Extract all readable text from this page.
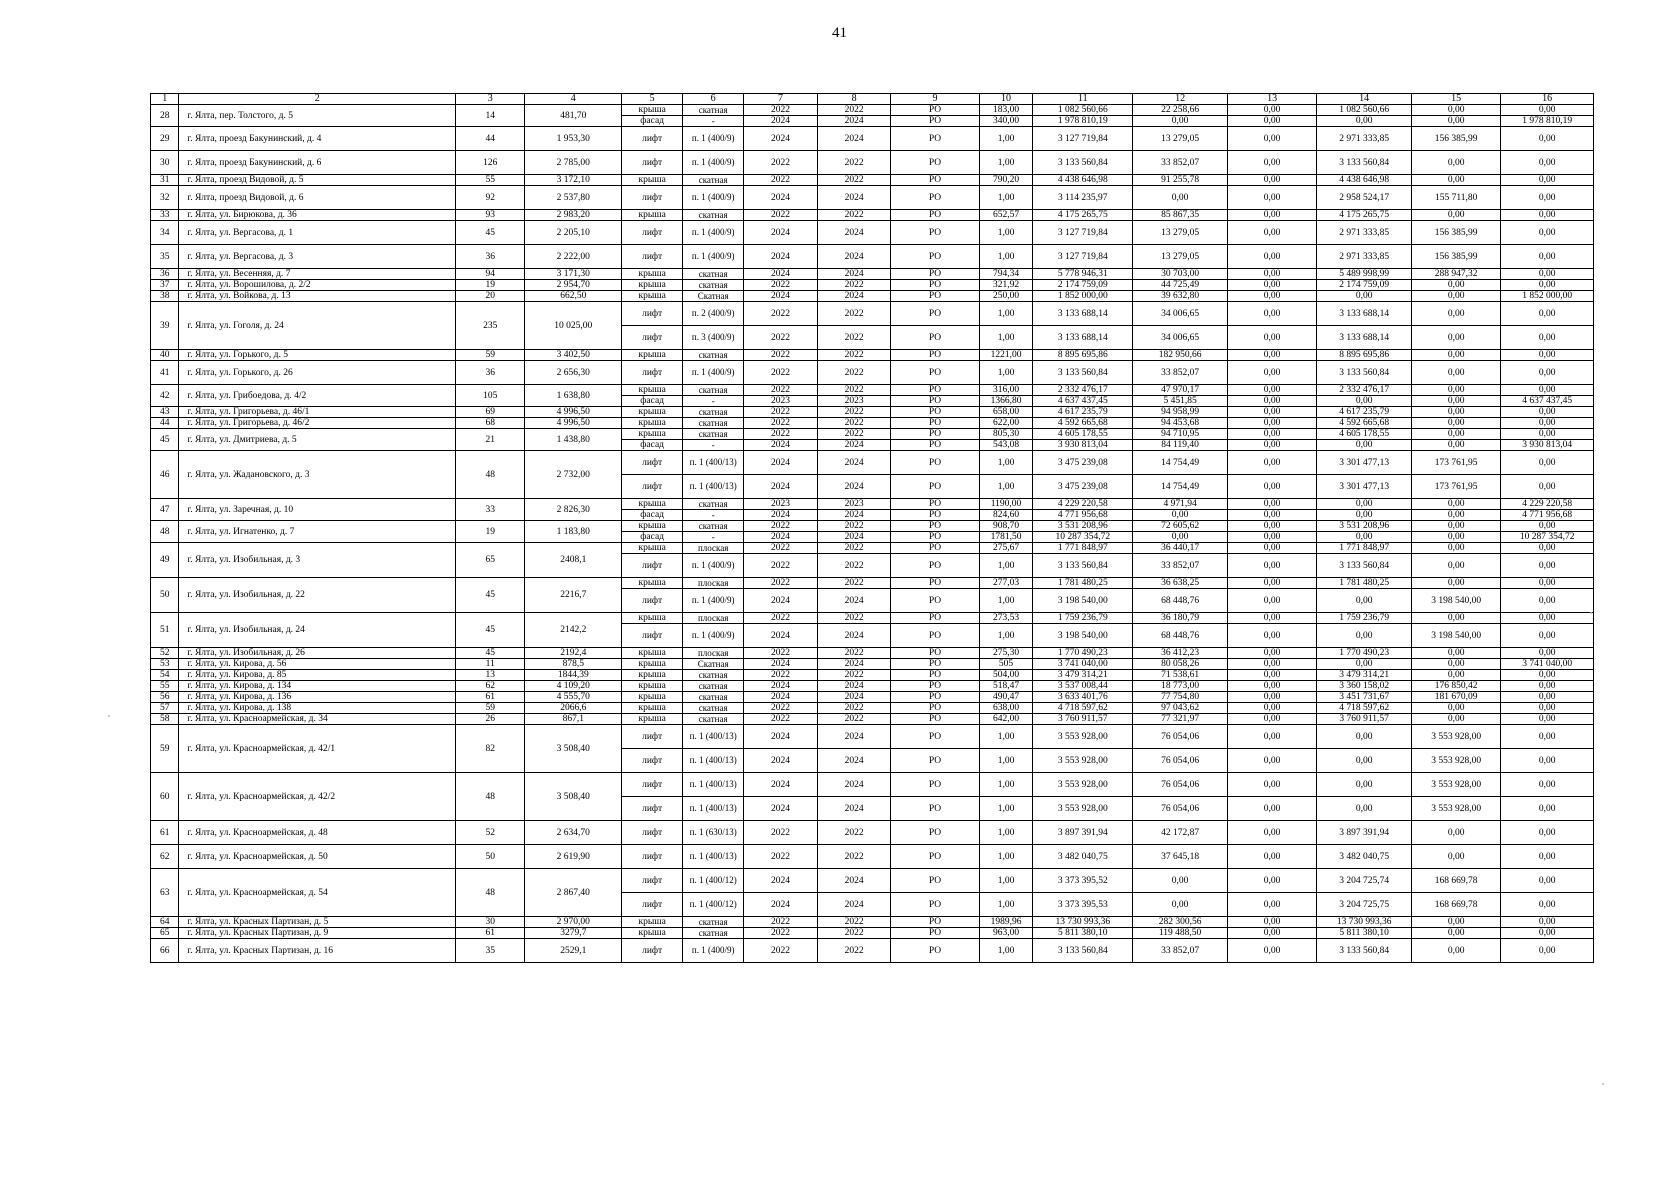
41
1	2	3	4	5	6	7	8	9	10	11	12	13	14	15	16
28	г. Ялта, пер. Толстого, д. 5	14	481,70	крыша	скатная	2022	2022	РО	183,00	1 082 560,66	22 258,66	0,00	1 082 560,66	0,00	0,00
				фасад	-	2024	2024	РО	340,00	1 978 810,19	0,00	0,00	0,00	0,00	1 978 810,19
29	г. Ялта, проезд Бакунинский, д. 4	44	1 953,30	лифт	п. 1 (400/9)	2024	2024	РО	1,00	3 127 719,84	13 279,05	0,00	2 971 333,85	156 385,99	0,00
30	г. Ялта, проезд Бакунинский, д. 6	126	2 785,00	лифт	п. 1 (400/9)	2022	2022	РО	1,00	3 133 560,84	33 852,07	0,00	3 133 560,84	0,00	0,00
31	г. Ялта, проезд Видовой, д. 5	55	3 172,10	крыша	скатная	2022	2022	РО	790,20	4 438 646,98	91 255,78	0,00	4 438 646,98	0,00	0,00
32	г. Ялта, проезд Видовой, д. 6	92	2 537,80	лифт	п. 1 (400/9)	2024	2024	РО	1,00	3 114 235,97	0,00	0,00	2 958 524,17	155 711,80	0,00
33	г. Ялта, ул. Бирюкова, д. 36	93	2 983,20	крыша	скатная	2022	2022	РО	652,57	4 175 265,75	85 867,35	0,00	4 175 265,75	0,00	0,00
34	г. Ялта, ул. Вергасова, д. 1	45	2 205,10	лифт	п. 1 (400/9)	2024	2024	РО	1,00	3 127 719,84	13 279,05	0,00	2 971 333,85	156 385,99	0,00
35	г. Ялта, ул. Вергасова, д. 3	36	2 222,00	лифт	п. 1 (400/9)	2024	2024	РО	1,00	3 127 719,84	13 279,05	0,00	2 971 333,85	156 385,99	0,00
36	г. Ялта, ул. Весенняя, д. 7	94	3 171,30	крыша	скатная	2024	2024	РО	794,34	5 778 946,31	30 703,00	0,00	5 489 998,99	288 947,32	0,00
37	г. Ялта, ул. Ворошилова, д. 2/2	19	2 954,70	крыша	скатная	2022	2022	РО	321,92	2 174 759,09	44 725,49	0,00	2 174 759,09	0,00	0,00
38	г. Ялта, ул. Войкова, д. 13	20	662,50	крыша	Скатная	2024	2024	РО	250,00	1 852 000,00	39 632,80	0,00	0,00	0,00	1 852 000,00
39	г. Ялта, ул. Гоголя, д. 24	235	10 025,00	лифт	п. 2 (400/9)	2022	2022	РО	1,00	3 133 688,14	34 006,65	0,00	3 133 688,14	0,00	0,00
				лифт	п. 3 (400/9)	2022	2022	РО	1,00	3 133 688,14	34 006,65	0,00	3 133 688,14	0,00	0,00
40	г. Ялта, ул. Горького, д. 5	59	3 402,50	крыша	скатная	2022	2022	РО	1221,00	8 895 695,86	182 950,66	0,00	8 895 695,86	0,00	0,00
41	г. Ялта, ул. Горького, д. 26	36	2 656,30	лифт	п. 1 (400/9)	2022	2022	РО	1,00	3 133 560,84	33 852,07	0,00	3 133 560,84	0,00	0,00
42	г. Ялта, ул. Грибоедова, д. 4/2	105	1 638,80	крыша	скатная	2022	2022	РО	316,00	2 332 476,17	47 970,17	0,00	2 332 476,17	0,00	0,00
				фасад	-	2023	2023	РО	1366,80	4 637 437,45	5 451,85	0,00	0,00	0,00	4 637 437,45
43	г. Ялта, ул. Григорьева, д. 46/1	69	4 996,50	крыша	скатная	2022	2022	РО	658,00	4 617 235,79	94 958,99	0,00	4 617 235,79	0,00	0,00
44	г. Ялта, ул. Григорьева, д. 46/2	68	4 996,50	крыша	скатная	2022	2022	РО	622,00	4 592 665,68	94 453,68	0,00	4 592 665,68	0,00	0,00
45	г. Ялта, ул. Дмитриева, д. 5	21	1 438,80	крыша	скатная	2022	2022	РО	805,30	4 605 178,55	94 710,95	0,00	4 605 178,55	0,00	0,00
				фасад	-	2024	2024	РО	543,08	3 930 813,04	84 119,40	0,00	0,00	0,00	3 930 813,04
46	г. Ялта, ул. Жадановского, д. 3	48	2 732,00	лифт	п. 1 (400/13)	2024	2024	РО	1,00	3 475 239,08	14 754,49	0,00	3 301 477,13	173 761,95	0,00
				лифт	п. 1 (400/13)	2024	2024	РО	1,00	3 475 239,08	14 754,49	0,00	3 301 477,13	173 761,95	0,00
47	г. Ялта, ул. Заречная, д. 10	33	2 826,30	крыша	скатная	2023	2023	РО	1190,00	4 229 220,58	4 971,94	0,00	0,00	0,00	4 229 220,58
				фасад	-	2024	2024	РО	824,60	4 771 956,68	0,00	0,00	0,00	0,00	4 771 956,68
48	г. Ялта, ул. Игнатенко, д. 7	19	1 183,80	крыша	скатная	2022	2022	РО	908,70	3 531 208,96	72 605,62	0,00	3 531 208,96	0,00	0,00
				фасад	-	2024	2024	РО	1781,50	10 287 354,72	0,00	0,00	0,00	0,00	10 287 354,72
49	г. Ялта, ул. Изобильная, д. 3	65	2408,1	крыша	плоская	2022	2022	РО	275,67	1 771 848,97	36 440,17	0,00	1 771 848,97	0,00	0,00
				лифт	п. 1 (400/9)	2022	2022	РО	1,00	3 133 560,84	33 852,07	0,00	3 133 560,84	0,00	0,00
50	г. Ялта, ул. Изобильная, д. 22	45	2216,7	крыша	плоская	2022	2022	РО	277,03	1 781 480,25	36 638,25	0,00	1 781 480,25	0,00	0,00
				лифт	п. 1 (400/9)	2024	2024	РО	1,00	3 198 540,00	68 448,76	0,00	0,00	3 198 540,00	0,00
51	г. Ялта, ул. Изобильная, д. 24	45	2142,2	крыша	плоская	2022	2022	РО	273,53	1 759 236,79	36 180,79	0,00	1 759 236,79	0,00	0,00
				лифт	п. 1 (400/9)	2024	2024	РО	1,00	3 198 540,00	68 448,76	0,00	0,00	3 198 540,00	0,00
52	г. Ялта, ул. Изобильная, д. 26	45	2192,4	крыша	плоская	2022	2022	РО	275,30	1 770 490,23	36 412,23	0,00	1 770 490,23	0,00	0,00
53	г. Ялта, ул. Кирова, д. 56	11	878,5	крыша	Скатная	2024	2024	РО	505	3 741 040,00	80 058,26	0,00	0,00	0,00	3 741 040,00
54	г. Ялта, ул. Кирова, д. 85	13	1844,39	крыша	скатная	2022	2022	РО	504,00	3 479 314,21	71 538,61	0,00	3 479 314,21	0,00	0,00
55	г. Ялта, ул. Кирова, д. 134	62	4 109,20	крыша	скатная	2024	2024	РО	518,47	3 537 008,44	18 773,00	0,00	3 360 158,02	176 850,42	0,00
56	г. Ялта, ул. Кирова, д. 136	61	4 555,70	крыша	скатная	2024	2024	РО	490,47	3 633 401,76	77 754,80	0,00	3 451 731,67	181 670,09	0,00
57	г. Ялта, ул. Кирова, д. 138	59	2066,6	крыша	скатная	2022	2022	РО	638,00	4 718 597,62	97 043,62	0,00	4 718 597,62	0,00	0,00
58	г. Ялта, ул. Красноармейская, д. 34	26	867,1	крыша	скатная	2022	2022	РО	642,00	3 760 911,57	77 321,97	0,00	3 760 911,57	0,00	0,00
59	г. Ялта, ул. Красноармейская, д. 42/1	82	3 508,40	лифт	п. 1 (400/13)	2024	2024	РО	1,00	3 553 928,00	76 054,06	0,00	0,00	3 553 928,00	0,00
				лифт	п. 1 (400/13)	2024	2024	РО	1,00	3 553 928,00	76 054,06	0,00	0,00	3 553 928,00	0,00
60	г. Ялта, ул. Красноармейская, д. 42/2	48	3 508,40	лифт	п. 1 (400/13)	2024	2024	РО	1,00	3 553 928,00	76 054,06	0,00	0,00	3 553 928,00	0,00
				лифт	п. 1 (400/13)	2024	2024	РО	1,00	3 553 928,00	76 054,06	0,00	0,00	3 553 928,00	0,00
61	г. Ялта, ул. Красноармейская, д. 48	52	2 634,70	лифт	п. 1 (630/13)	2022	2022	РО	1,00	3 897 391,94	42 172,87	0,00	3 897 391,94	0,00	0,00
62	г. Ялта, ул. Красноармейская, д. 50	50	2 619,90	лифт	п. 1 (400/13)	2022	2022	РО	1,00	3 482 040,75	37 645,18	0,00	3 482 040,75	0,00	0,00
63	г. Ялта, ул. Красноармейская, д. 54	48	2 867,40	лифт	п. 1 (400/12)	2024	2024	РО	1,00	3 373 395,52	0,00	0,00	3 204 725,74	168 669,78	0,00
				лифт	п. 1 (400/12)	2024	2024	РО	1,00	3 373 395,53	0,00	0,00	3 204 725,75	168 669,78	0,00
64	г. Ялта, ул. Красных Партизан, д. 5	30	2 970,00	крыша	скатная	2022	2022	РО	1989,96	13 730 993,36	282 300,56	0,00	13 730 993,36	0,00	0,00
65	г. Ялта, ул. Красных Партизан, д. 9	61	3279,7	крыша	скатная	2022	2022	РО	963,00	5 811 380,10	119 488,50	0,00	5 811 380,10	0,00	0,00
66	г. Ялта, ул. Красных Партизан, д. 16	35	2529,1	лифт	п. 1 (400/9)	2022	2022	РО	1,00	3 133 560,84	33 852,07	0,00	3 133 560,84	0,00	0,00
